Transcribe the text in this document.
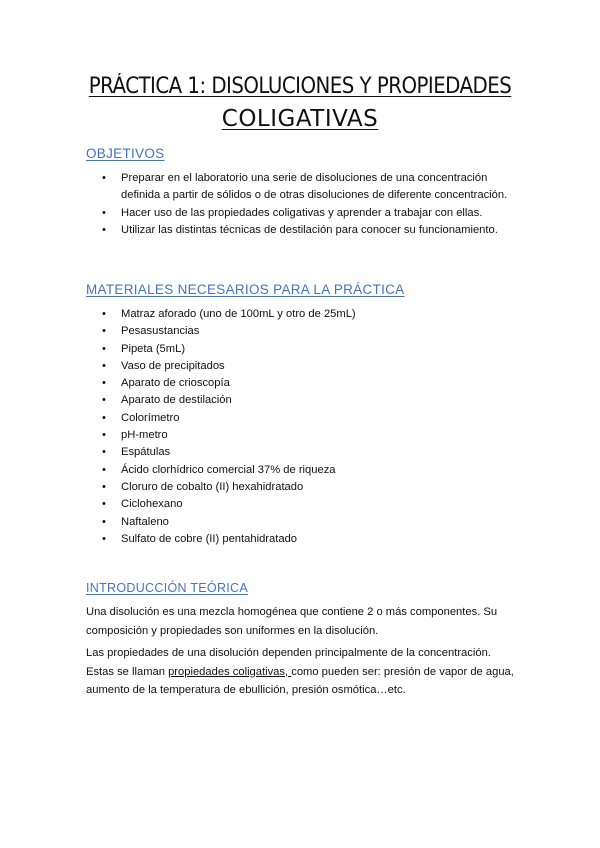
PRÁCTICA 1: DISOLUCIONES Y PROPIEDADES
COLIGATIVAS
OBJETIVOS
• Preparar en el laboratorio una serie de disoluciones de una concentración definida a partir de sólidos o de otras disoluciones de diferente concentración.
• Hacer uso de las propiedades coligativas y aprender a trabajar con ellas.
• Utilizar las distintas técnicas de destilación para conocer su funcionamiento.
MATERIALES NECESARIOS PARA LA PRÁCTICA
• Matraz aforado (uno de 100mL y otro de 25mL)
• Pesasustancias
• Pipeta (5mL)
• Vaso de precipitados
• Aparato de crioscopía
• Aparato de destilación
• Colorímetro
• pH-metro
• Espátulas
• Ácido clorhídrico comercial 37% de riqueza
• Cloruro de cobalto (II) hexahidratado
• Ciclohexano
• Naftaleno
• Sulfato de cobre (II) pentahidratado
INTRODUCCIÓN TEÓRICA

Una disolución es una mezcla homogénea que contiene 2 o más componentes. Su composición y propiedades son uniformes en la disolución.

Las propiedades de una disolución dependen principalmente de la concentración. Estas se llaman propiedades coligativas, como pueden ser: presión de vapor de agua, aumento de la temperatura de ebullición, presión osmótica…etc.
